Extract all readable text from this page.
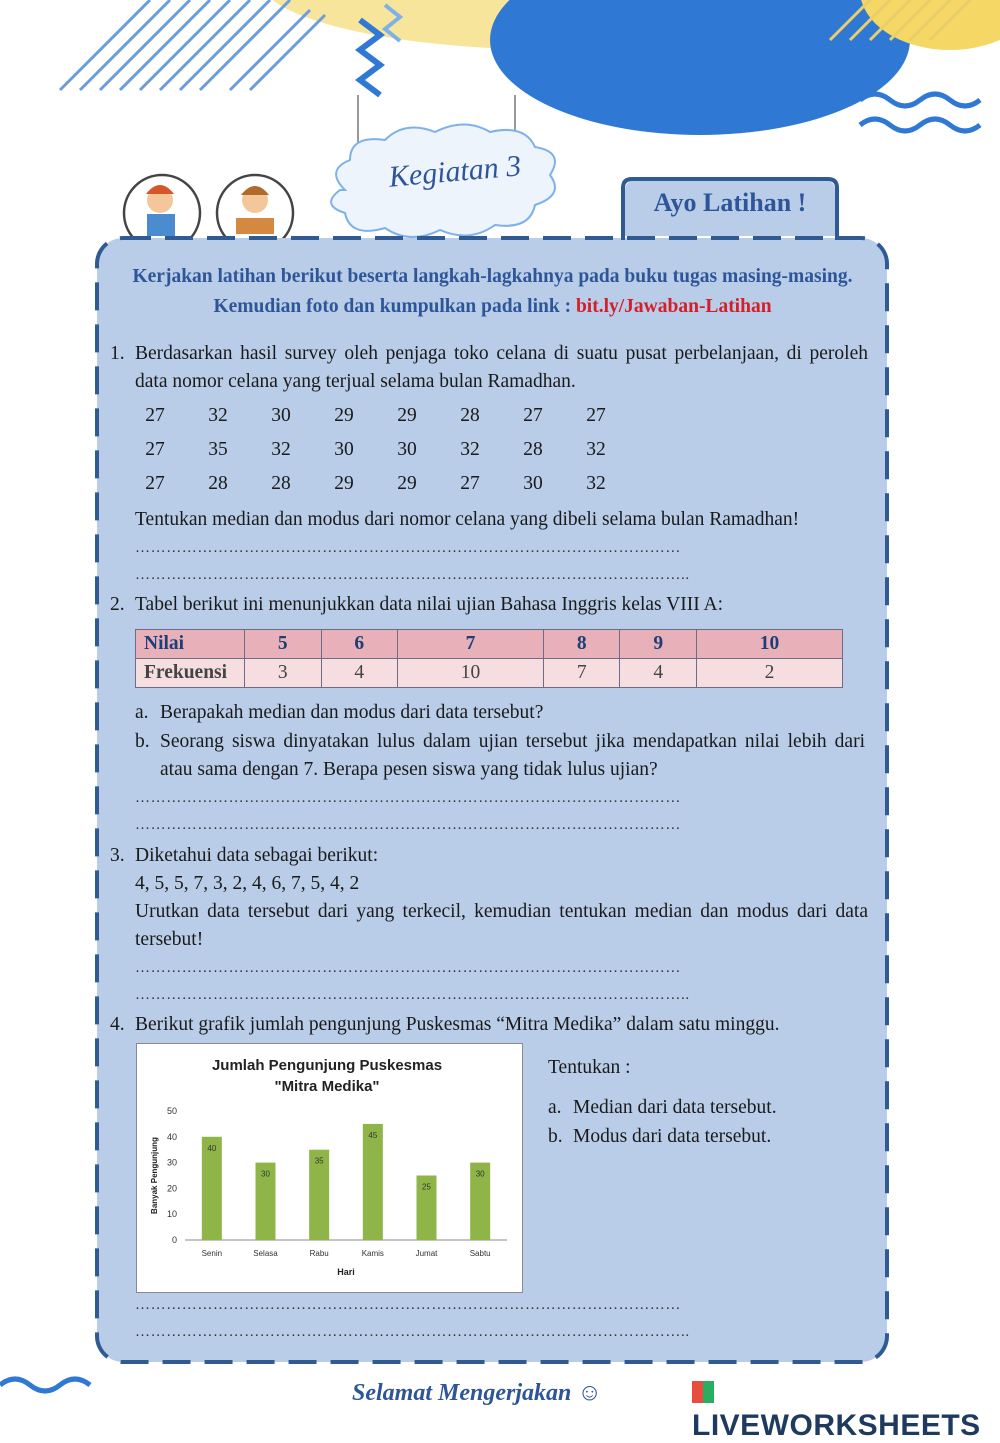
Ayo Latihan !
Kegiatan 3
Kerjakan latihan berikut beserta langkah-lagkahnya pada buku tugas masing-masing. Kemudian foto dan kumpulkan pada link : bit.ly/Jawaban-Latihan
1. Berdasarkan hasil survey oleh penjaga toko celana di suatu pusat perbelanjaan, di peroleh data nomor celana yang terjual selama bulan Ramadhan.
27	32	30	29	29	28	27	27
27	35	32	30	30	32	28	32
27	28	28	29	29	27	30	32
Tentukan median dan modus dari nomor celana yang dibeli selama bulan Ramadhan!
……………………………………………………………………………………………
……………………………………………………………………………………………..
2. Tabel berikut ini menunjukkan data nilai ujian Bahasa Inggris kelas VIII A:
Nilai	5	6	7	8	9	10
Frekuensi	3	4	10	7	4	2
a. Berapakah median dan modus dari data tersebut?
b. Seorang siswa dinyatakan lulus dalam ujian tersebut jika mendapatkan nilai lebih dari atau sama dengan 7. Berapa pesen siswa yang tidak lulus ujian?
……………………………………………………………………………………………
……………………………………………………………………………………………
3. Diketahui data sebagai berikut:
4, 5, 5, 7, 3, 2, 4, 6, 7, 5, 4, 2
Urutkan data tersebut dari yang terkecil, kemudian tentukan median dan modus dari data tersebut!
……………………………………………………………………………………………
……………………………………………………………………………………………..
4. Berikut grafik jumlah pengunjung Puskesmas “Mitra Medika” dalam satu minggu.
Jumlah Pengunjung Puskesmas
"Mitra Medika"
0
10
20
30
40
50
40
Senin
30
Selasa
35
Rabu
45
Kamis
25
Jumat
30
Sabtu
Hari
Banyak Pengunjung
Tentukan :
a. Median dari data tersebut.
b. Modus dari data tersebut.
……………………………………………………………………………………………
……………………………………………………………………………………………..
Selamat Mengerjakan ☺
LIVEWORKSHEETS
